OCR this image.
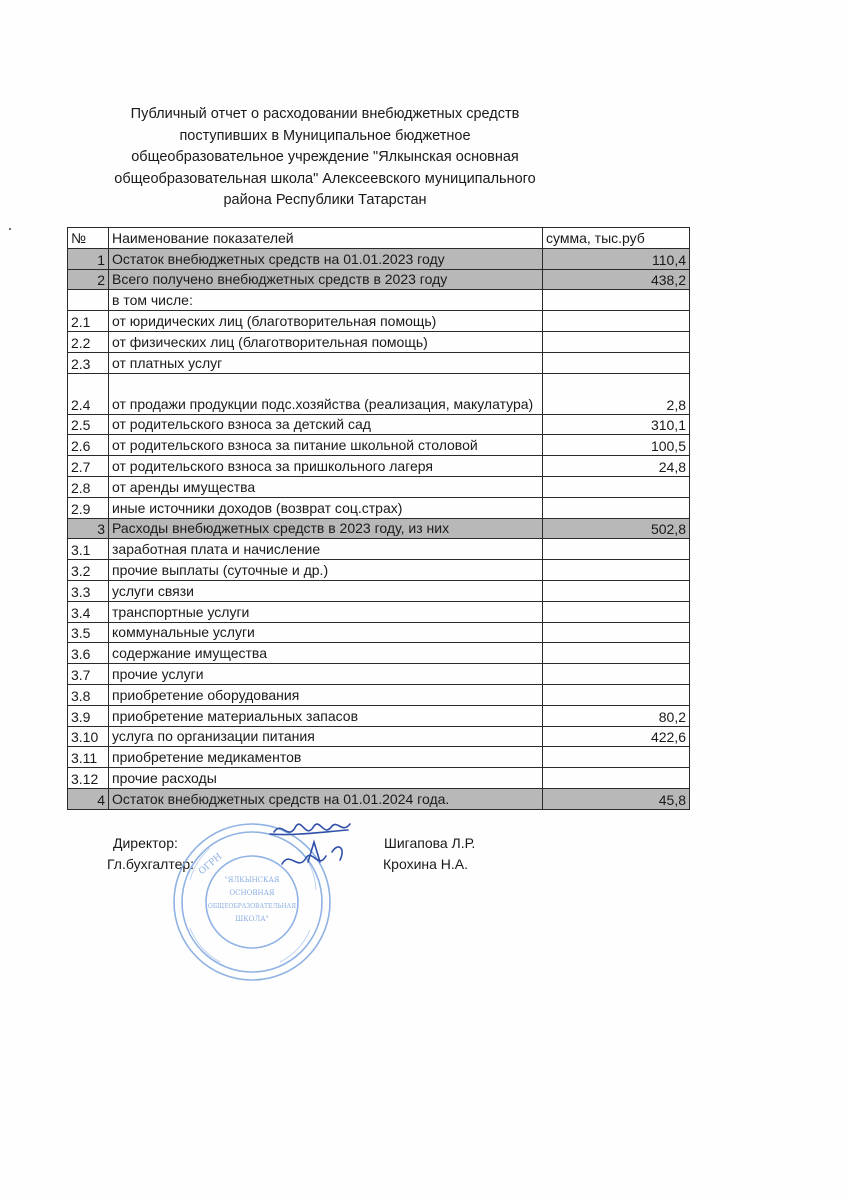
Публичный отчет о расходовании внебюджетных средств
поступивших в Муниципальное бюджетное
общеобразовательное учреждение "Ялкынская основная
общеобразовательная школа" Алексеевского муниципального
района Республики Татарстан
№	Наименование показателей	сумма, тыс.руб
1	Остаток внебюджетных средств на 01.01.2023 году	110,4
2	Всего получено внебюджетных средств в 2023 году	438,2
	в том числе:	
2.1	от юридических лиц (благотворительная помощь)	
2.2	от физических лиц (благотворительная помощь)	
2.3	от платных услуг	
2.4	от продажи продукции подс.хозяйства (реализация, макулатура)	2,8
2.5	от родительского взноса за детский сад	310,1
2.6	от родительского взноса за питание школьной столовой	100,5
2.7	от родительского взноса за пришкольного лагеря	24,8
2.8	от аренды имущества	
2.9	иные источники доходов (возврат соц.страх)	
3	Расходы внебюджетных средств в 2023 году, из них	502,8
3.1	заработная плата и начисление	
3.2	прочие выплаты (суточные и др.)	
3.3	услуги связи	
3.4	транспортные услуги	
3.5	коммунальные услуги	
3.6	содержание имущества	
3.7	прочие услуги	
3.8	приобретение оборудования	
3.9	приобретение материальных запасов	80,2
3.10	услуга по организации питания	422,6
3.11	приобретение медикаментов	
3.12	прочие расходы	
4	Остаток внебюджетных средств на 01.01.2024 года.	45,8
Директор:	Шигапова Л.Р.
Гл.бухгалтер:	Крохина Н.А.
"ЯЛКЫНСКАЯ
ОСНОВНАЯ
ОБЩЕОБРАЗОВАТЕЛЬНАЯ
ШКОЛА"
ОГРН
